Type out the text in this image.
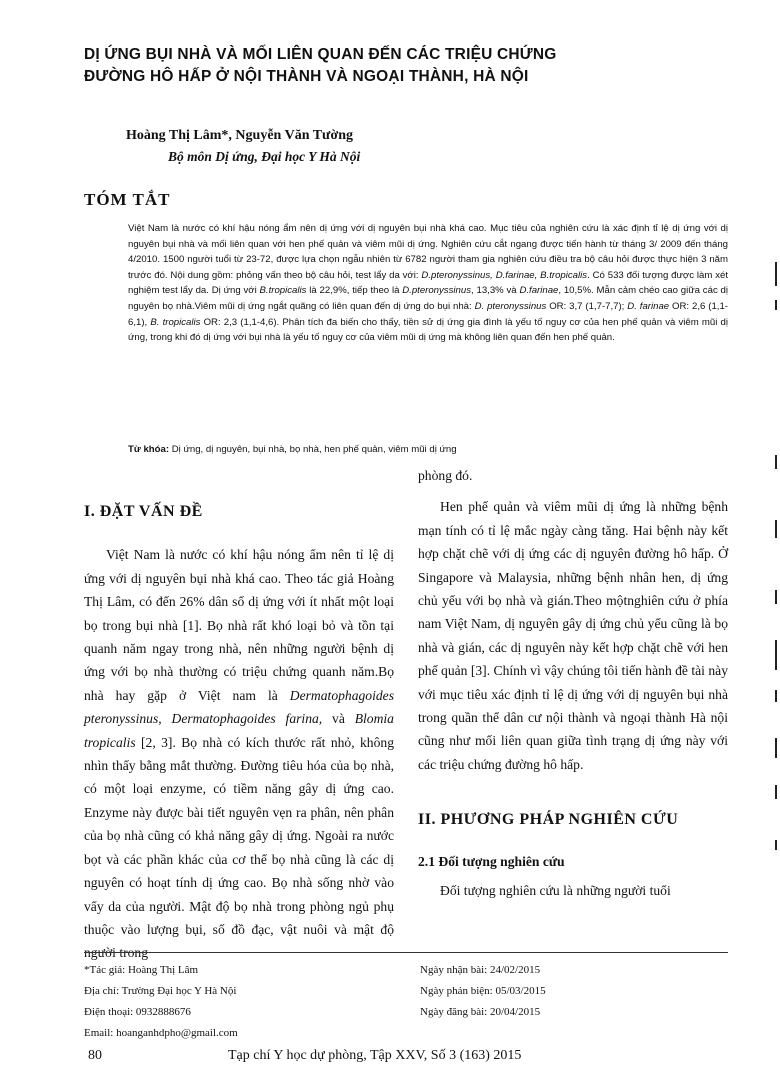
DỊ ỨNG BỤI NHÀ VÀ MỐI LIÊN QUAN ĐẾN CÁC TRIỆU CHỨNG
ĐƯỜNG HÔ HẤP Ở NỘI THÀNH VÀ NGOẠI THÀNH, HÀ NỘI
Hoàng Thị Lâm*, Nguyễn Văn Tường
Bộ môn Dị ứng, Đại học Y Hà Nội
TÓM TẮT
Việt Nam là nước có khí hậu nóng ẩm nên dị ứng với dị nguyên bụi nhà khá cao. Mục tiêu của nghiên cứu là xác định tỉ lệ dị ứng với dị nguyên bụi nhà và mối liên quan với hen phế quản và viêm mũi dị ứng. Nghiên cứu cắt ngang được tiến hành từ tháng 3/ 2009 đến tháng 4/2010. 1500 người tuổi từ 23-72, được lựa chọn ngẫu nhiên từ 6782 người tham gia nghiên cứu điều tra bộ câu hỏi được thực hiện 3 năm trước đó. Nội dung gồm: phỏng vấn theo bộ câu hỏi, test lẩy da với: D.pteronyssinus, D.farinae, B.tropicalis. Có 533 đối tượng được làm xét nghiệm test lẩy da. Dị ứng với B.tropicalis là 22,9%, tiếp theo là D.pteronyssinus, 13,3% và D.farinae, 10,5%. Mẫn cảm chéo cao giữa các dị nguyên bọ nhà.Viêm mũi dị ứng ngắt quãng có liên quan đến dị ứng do bụi nhà: D. pteronyssinus OR: 3,7 (1,7-7,7); D. farinae OR: 2,6 (1,1-6,1), B. tropicalis OR: 2,3 (1,1-4,6). Phân tích đa biến cho thấy, tiền sử dị ứng gia đình là yếu tố nguy cơ của hen phế quản và viêm mũi dị ứng, trong khi đó dị ứng với bụi nhà là yếu tố nguy cơ của viêm mũi dị ứng mà không liên quan đến hen phế quản.
Từ khóa: Dị ứng, dị nguyên, bụi nhà, bọ nhà, hen phế quản, viêm mũi dị ứng
I. ĐẶT VẤN ĐỀ

Việt Nam là nước có khí hậu nóng ẩm nên tỉ lệ dị ứng với dị nguyên bụi nhà khá cao. Theo tác giả Hoàng Thị Lâm, có đến 26% dân số dị ứng với ít nhất một loại bọ trong bụi nhà [1]. Bọ nhà rất khó loại bỏ và tồn tại quanh năm ngay trong nhà, nên những người bệnh dị ứng với bọ nhà thường có triệu chứng quanh năm.Bọ nhà hay gặp ở Việt nam là Dermatophagoides pteronyssinus, Dermatophagoides farina, và Blomia tropicalis [2, 3]. Bọ nhà có kích thước rất nhỏ, không nhìn thấy bằng mắt thường. Đường tiêu hóa của bọ nhà, có một loại enzyme, có tiềm năng gây dị ứng cao. Enzyme này được bài tiết nguyên vẹn ra phân, nên phân của bọ nhà cũng có khả năng gây dị ứng. Ngoài ra nước bọt và các phần khác của cơ thể bọ nhà cũng là các dị nguyên có hoạt tính dị ứng cao. Bọ nhà sống nhờ vào vẩy da của người. Mật độ bọ nhà trong phòng ngủ phụ thuộc vào lượng bụi, số đồ đạc, vật nuôi và mật độ người trong

phòng đó.

Hen phế quản và viêm mũi dị ứng là những bệnh mạn tính có tỉ lệ mắc ngày càng tăng. Hai bệnh này kết hợp chặt chẽ với dị ứng các dị nguyên đường hô hấp. Ở Singapore và Malaysia, những bệnh nhân hen, dị ứng chủ yếu với bọ nhà và gián.Theo mộtnghiên cứu ở phía nam Việt Nam, dị nguyên gây dị ứng chủ yếu cũng là bọ nhà và gián, các dị nguyên này kết hợp chặt chẽ với hen phế quản [3]. Chính vì vậy chúng tôi tiến hành đề tài này với mục tiêu xác định tỉ lệ dị ứng với dị nguyên bụi nhà trong quần thể dân cư nội thành và ngoại thành Hà nội cũng như mối liên quan giữa tình trạng dị ứng này với các triệu chứng đường hô hấp.

II. PHƯƠNG PHÁP NGHIÊN CỨU
2.1 Đối tượng nghiên cứu

Đối tượng nghiên cứu là những người tuổi

*Tác giả: Hoàng Thị Lâm
Địa chỉ: Trường Đại học Y Hà Nội
Điện thoại: 0932888676
Email: hoanganhdpho@gmail.com
Ngày nhận bài: 24/02/2015
Ngày phản biện: 05/03/2015
Ngày đăng bài: 20/04/2015
80	Tạp chí Y học dự phòng, Tập XXV, Số 3 (163) 2015
